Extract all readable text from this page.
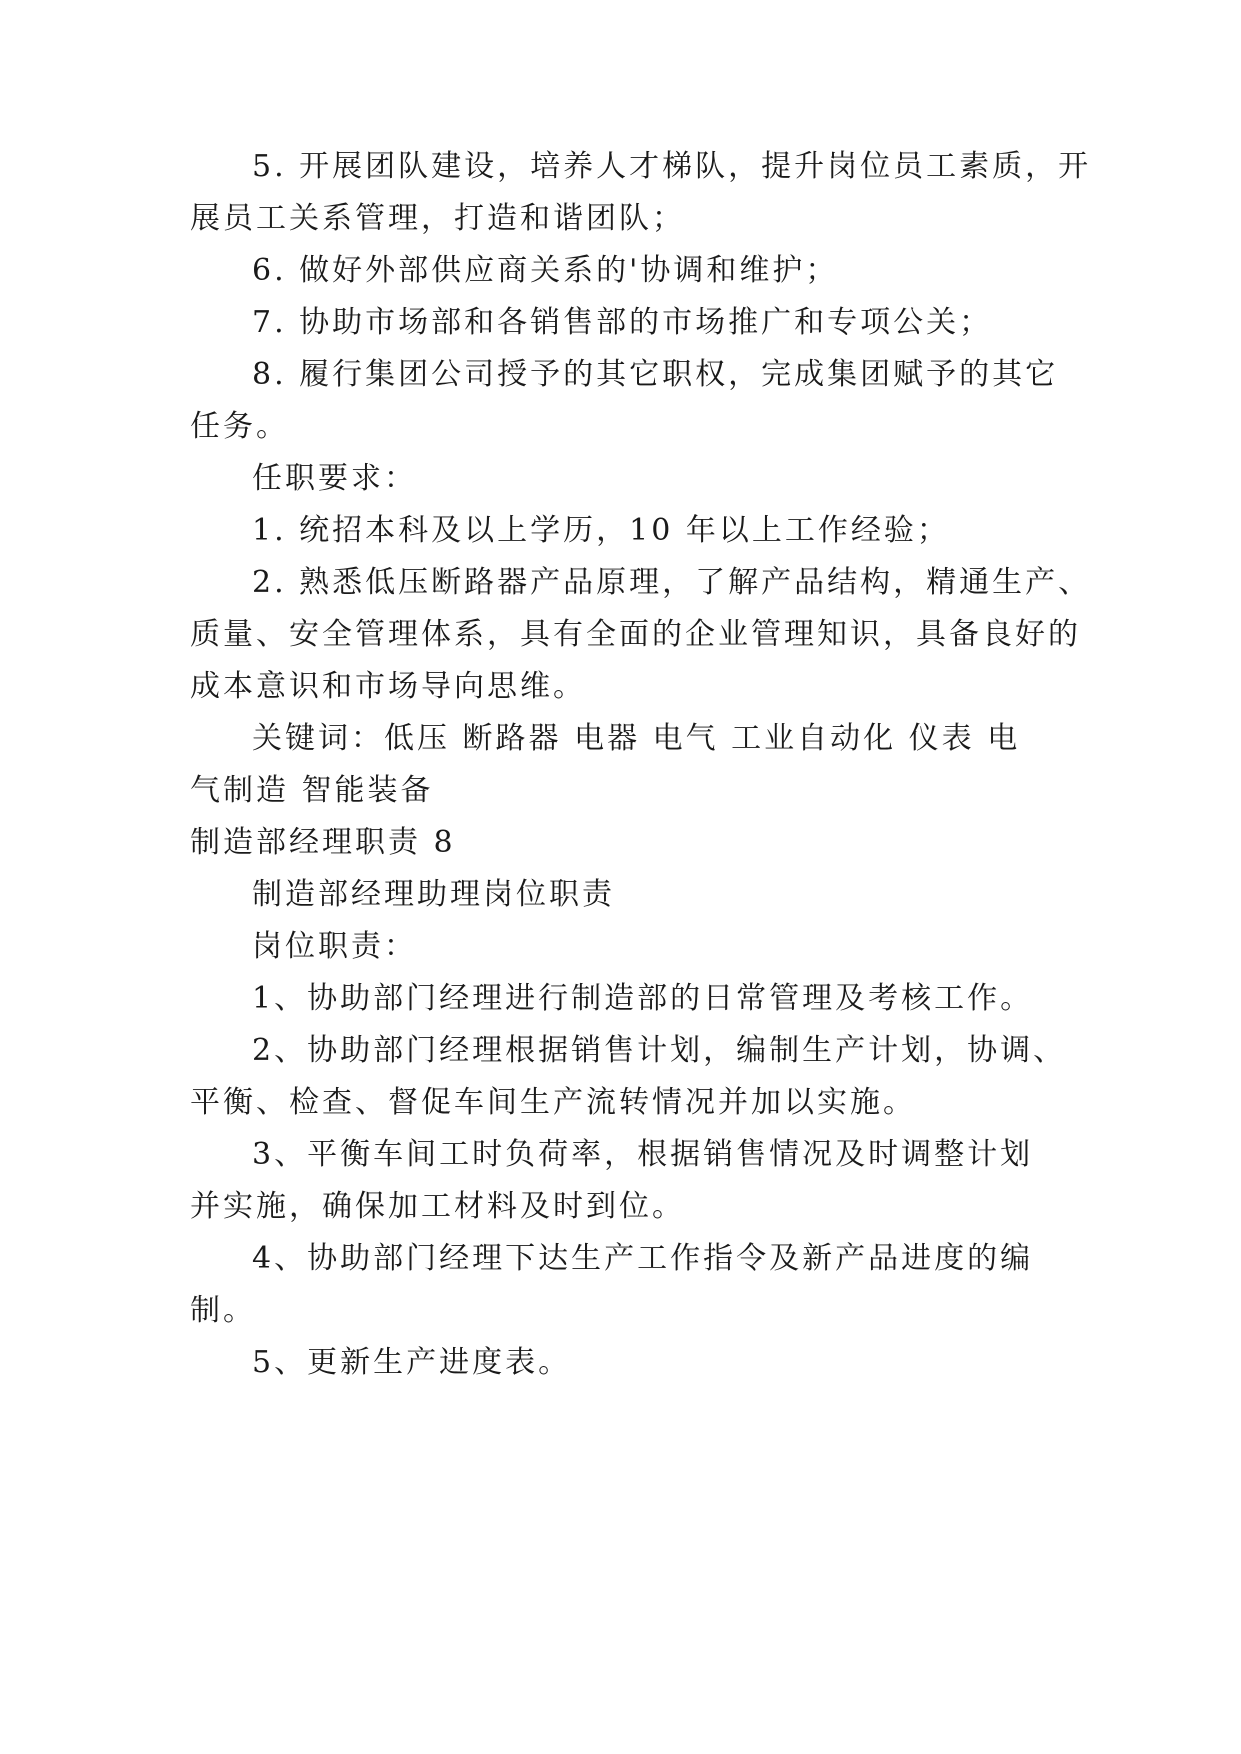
5. 开展团队建设，培养人才梯队，提升岗位员工素质，开
展员工关系管理，打造和谐团队；
6. 做好外部供应商关系的'协调和维护；
7. 协助市场部和各销售部的市场推广和专项公关；
8. 履行集团公司授予的其它职权，完成集团赋予的其它
任务。
任职要求：
1. 统招本科及以上学历，10 年以上工作经验；
2. 熟悉低压断路器产品原理，了解产品结构，精通生产、
质量、安全管理体系，具有全面的企业管理知识，具备良好的
成本意识和市场导向思维。
关键词：低压 断路器 电器 电气 工业自动化 仪表 电
气制造 智能装备
制造部经理职责 8
制造部经理助理岗位职责
岗位职责：
1、协助部门经理进行制造部的日常管理及考核工作。
2、协助部门经理根据销售计划，编制生产计划，协调、
平衡、检查、督促车间生产流转情况并加以实施。
3、平衡车间工时负荷率，根据销售情况及时调整计划
并实施，确保加工材料及时到位。
4、协助部门经理下达生产工作指令及新产品进度的编
制。
5、更新生产进度表。
